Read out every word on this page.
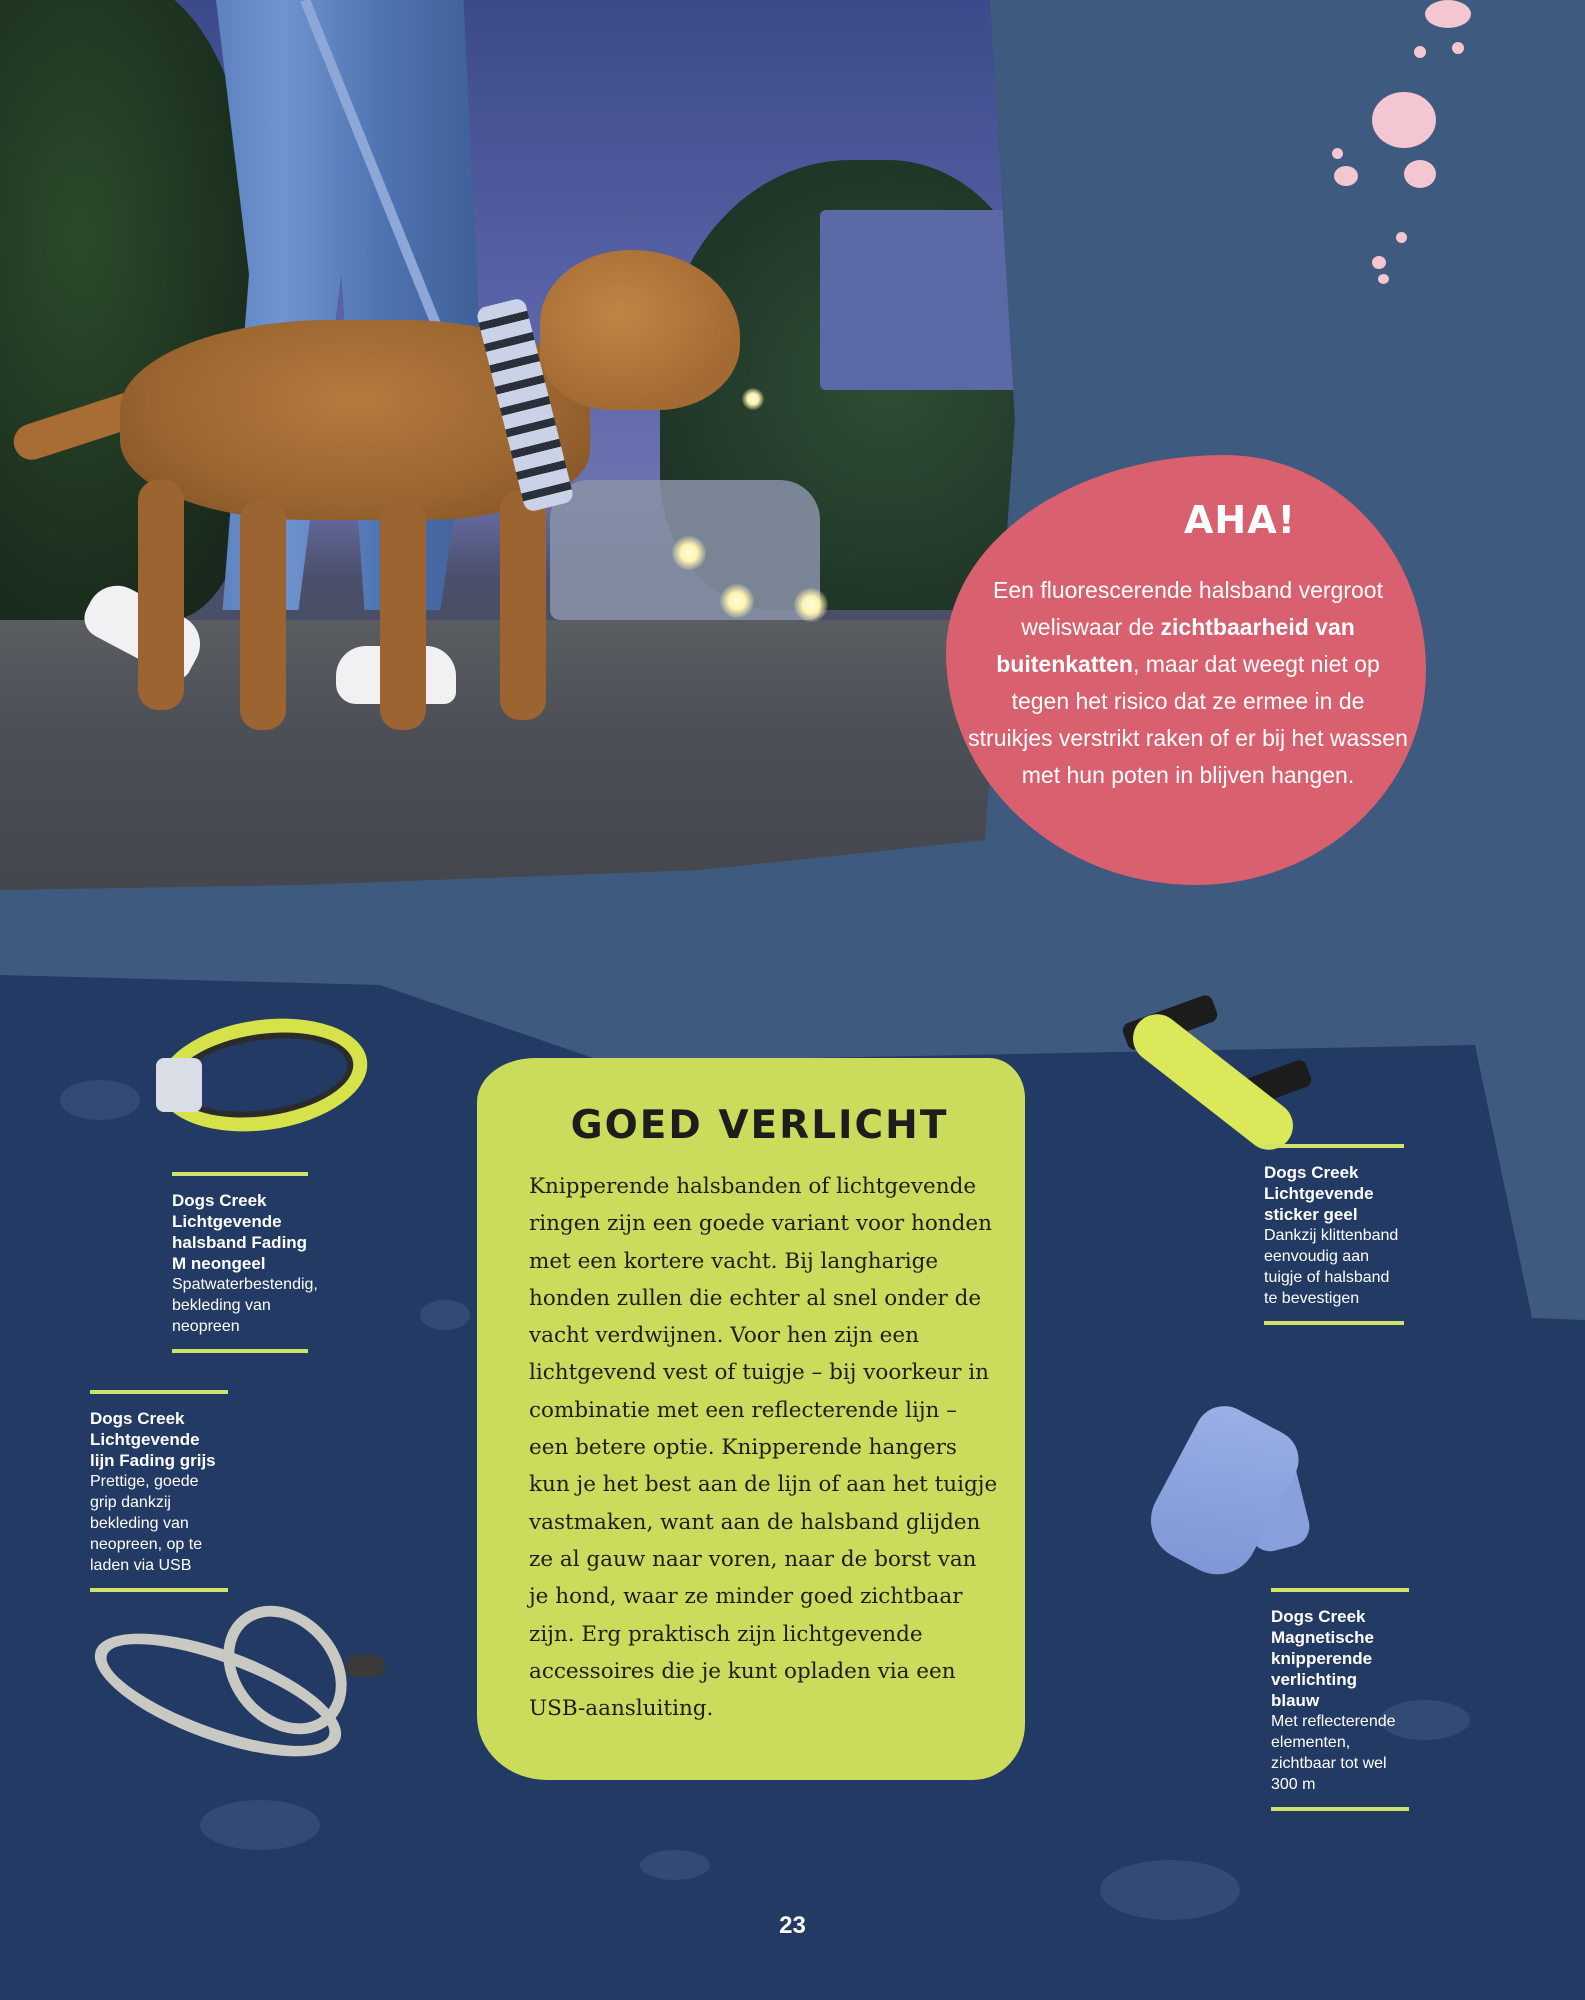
AHA!
Een fluorescerende halsband vergroot weliswaar de zichtbaarheid van buitenkatten, maar dat weegt niet op tegen het risico dat ze ermee in de struikjes verstrikt raken of er bij het wassen met hun poten in blijven hangen.
Dogs Creek Lichtgevende halsband Fading M neongeel
Spatwaterbestendig, bekleding van neopreen
Dogs Creek Lichtgevende lijn Fading grijs
Prettige, goede grip dankzij bekleding van neopreen, op te laden via USB
Dogs Creek Lichtgevende sticker geel
Dankzij klittenband eenvoudig aan tuigje of halsband te bevestigen
Dogs Creek Magnetische knipperende verlichting blauw
Met reflecterende elementen, zichtbaar tot wel 300 m
GOED VERLICHT
Knipperende halsbanden of lichtgevende ringen zijn een goede variant voor honden met een kortere vacht. Bij langharige honden zullen die echter al snel onder de vacht verdwijnen. Voor hen zijn een lichtgevend vest of tuigje – bij voorkeur in combinatie met een reflecterende lijn – een betere optie. Knipperende hangers kun je het best aan de lijn of aan het tuigje vastmaken, want aan de halsband glijden ze al gauw naar voren, naar de borst van je hond, waar ze minder goed zichtbaar zijn. Erg praktisch zijn lichtgevende accessoires die je kunt opladen via een USB-aansluiting.
23
